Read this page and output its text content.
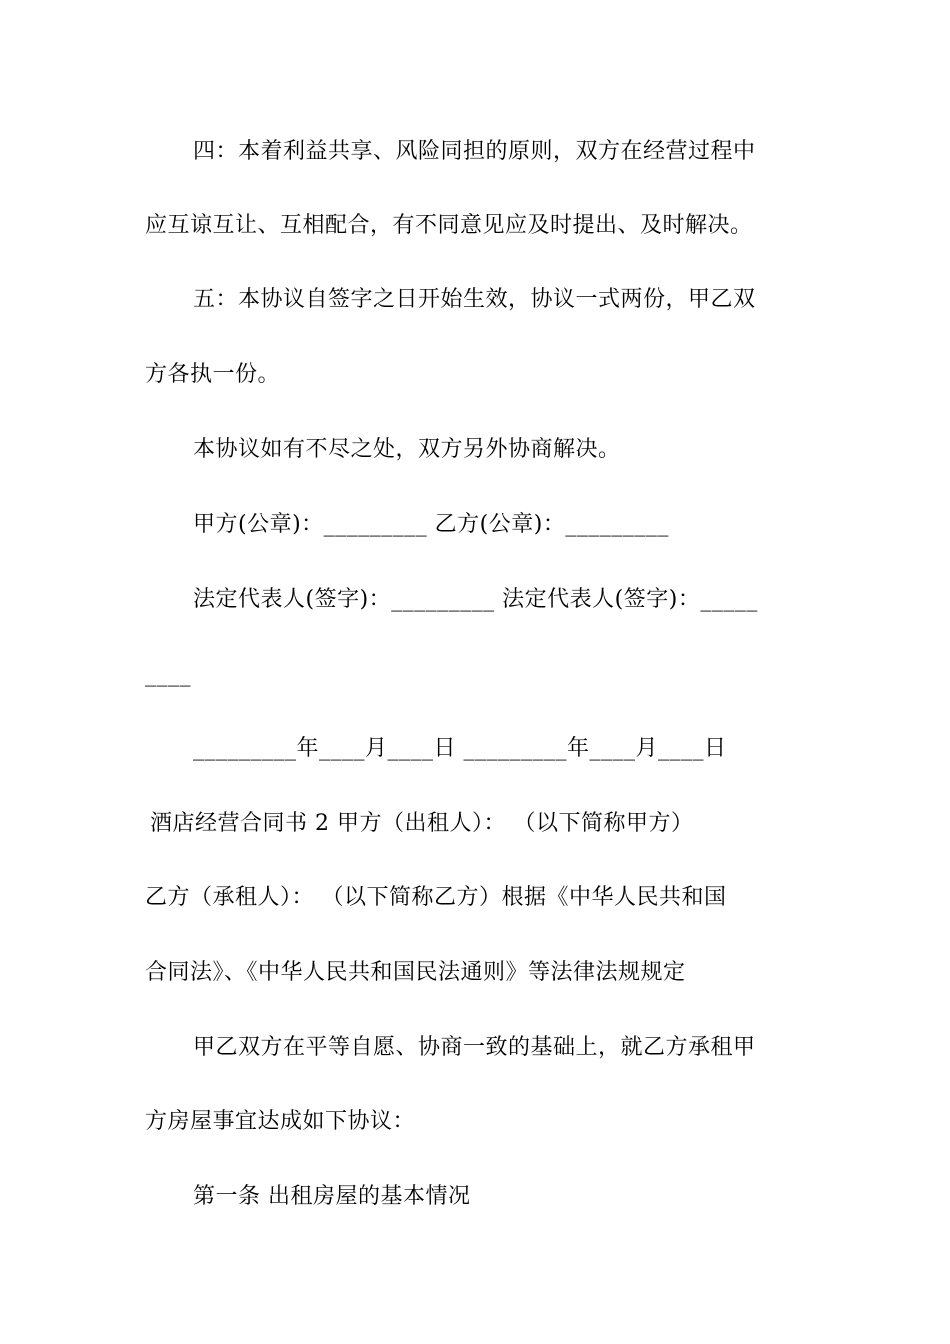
四：本着利益共享、风险同担的原则，双方在经营过程中
应互谅互让、互相配合，有不同意见应及时提出、及时解决。
五：本协议自签字之日开始生效，协议一式两份，甲乙双
方各执一份。
本协议如有不尽之处，双方另外协商解决。
甲方(公章)：_________ 乙方(公章)：_________
法定代表人(签字)：_________ 法定代表人(签字)：_____
____
_________年____月____日 _________年____月____日
酒店经营合同书 2 甲方（出租人）： （以下简称甲方）
乙方（承租人）： （以下简称乙方）根据《中华人民共和国
合同法》、《中华人民共和国民法通则》等法律法规规定
甲乙双方在平等自愿、协商一致的基础上，就乙方承租甲
方房屋事宜达成如下协议：
第一条 出租房屋的基本情况
